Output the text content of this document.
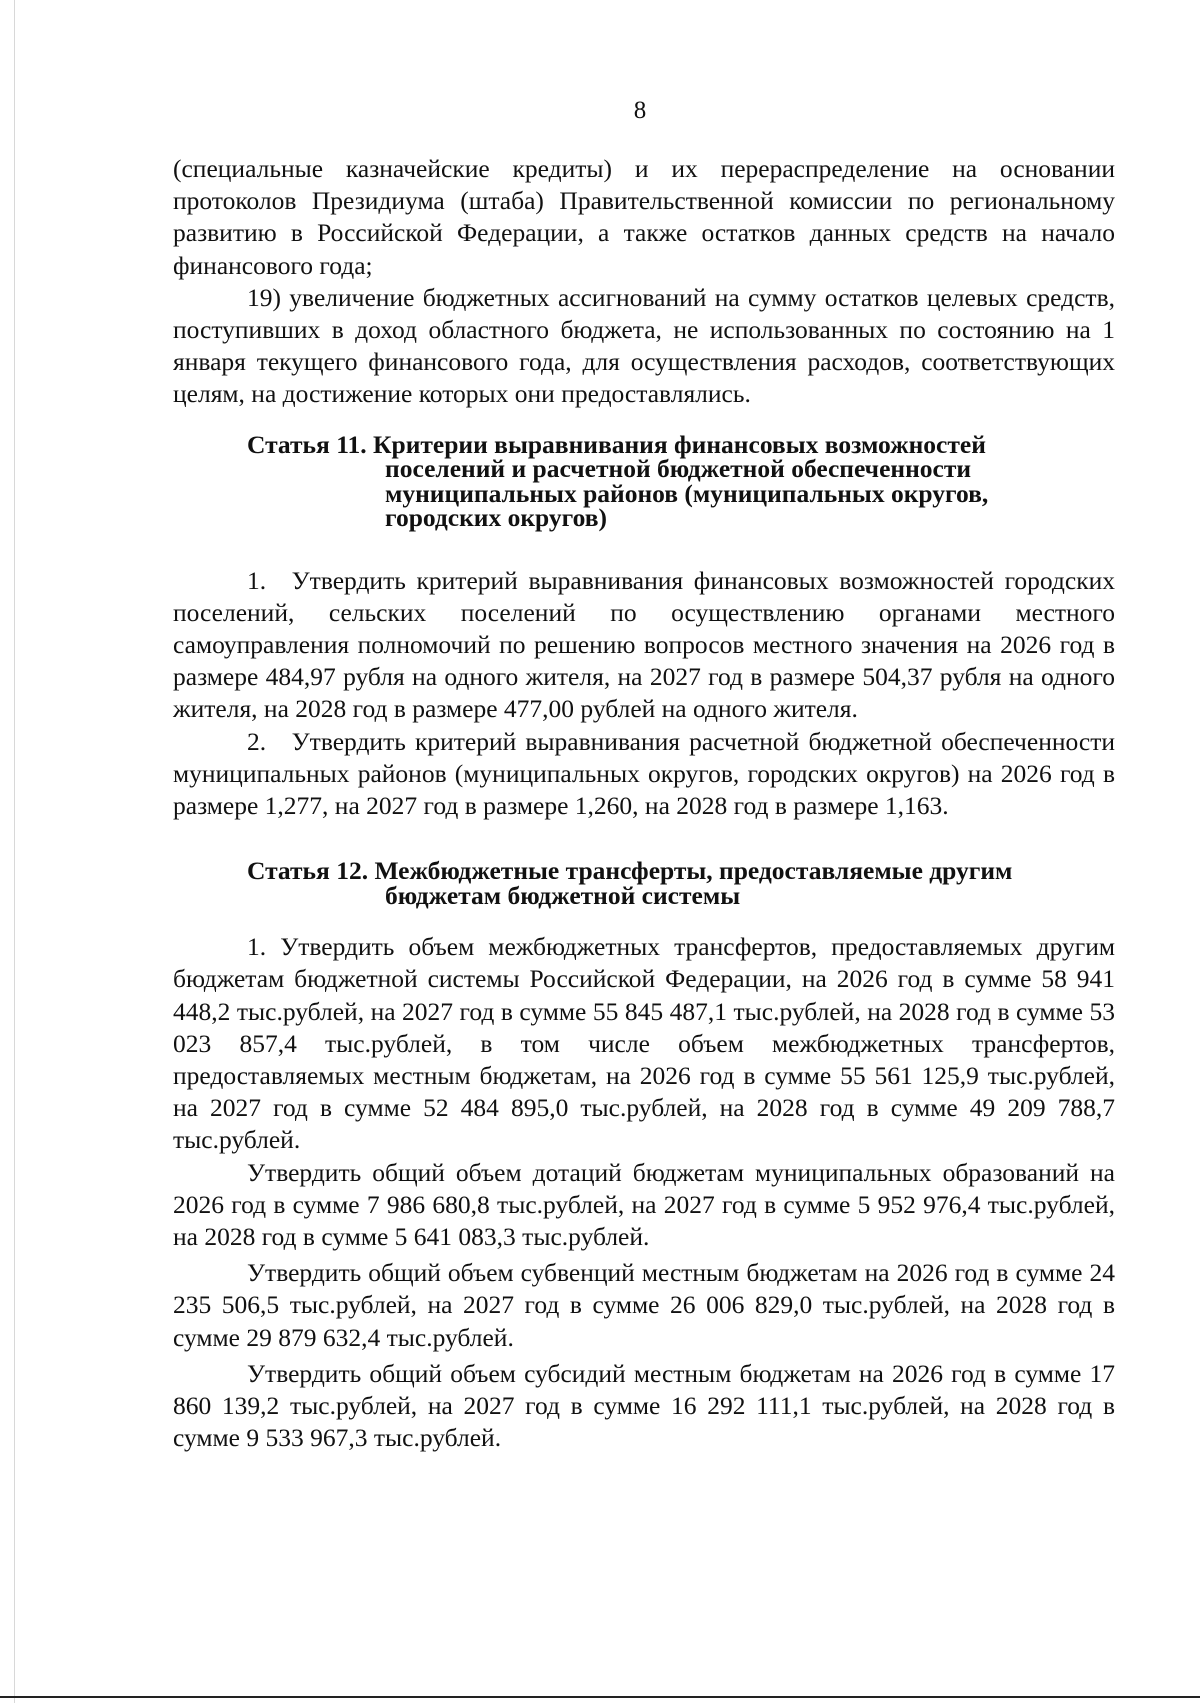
8

(специальные казначейские кредиты) и их перераспределение на основании протоколов Президиума (штаба) Правительственной комиссии по региональному развитию в Российской Федерации, а также остатков данных средств на начало финансового года;

19) увеличение бюджетных ассигнований на сумму остатков целевых средств, поступивших в доход областного бюджета, не использованных по состоянию на 1 января текущего финансового года, для осуществления расходов, соответствующих целям, на достижение которых они предоставлялись.

Статья 11. Критерии выравнивания финансовых возможностей
поселений и расчетной бюджетной обеспеченности
муниципальных районов (муниципальных округов,
городских округов)

1. Утвердить критерий выравнивания финансовых возможностей городских поселений, сельских поселений по осуществлению органами местного самоуправления полномочий по решению вопросов местного значения на 2026 год в размере 484,97 рубля на одного жителя, на 2027 год в размере 504,37 рубля на одного жителя, на 2028 год в размере 477,00 рублей на одного жителя.

2. Утвердить критерий выравнивания расчетной бюджетной обеспеченности муниципальных районов (муниципальных округов, городских округов) на 2026 год в размере 1,277, на 2027 год в размере 1,260, на 2028 год в размере 1,163.

Статья 12. Межбюджетные трансферты, предоставляемые другим
бюджетам бюджетной системы

1. Утвердить объем межбюджетных трансфертов, предоставляемых другим бюджетам бюджетной системы Российской Федерации, на 2026 год в сумме 58 941 448,2 тыс.рублей, на 2027 год в сумме 55 845 487,1 тыс.рублей, на 2028 год в сумме 53 023 857,4 тыс.рублей, в том числе объем межбюджетных трансфертов, предоставляемых местным бюджетам, на 2026 год в сумме 55 561 125,9 тыс.рублей, на 2027 год в сумме 52 484 895,0 тыс.рублей, на 2028 год в сумме 49 209 788,7 тыс.рублей.

Утвердить общий объем дотаций бюджетам муниципальных образований на 2026 год в сумме 7 986 680,8 тыс.рублей, на 2027 год в сумме 5 952 976,4 тыс.рублей, на 2028 год в сумме 5 641 083,3 тыс.рублей.

Утвердить общий объем субвенций местным бюджетам на 2026 год в сумме 24 235 506,5 тыс.рублей, на 2027 год в сумме 26 006 829,0 тыс.рублей, на 2028 год в сумме 29 879 632,4 тыс.рублей.

Утвердить общий объем субсидий местным бюджетам на 2026 год в сумме 17 860 139,2 тыс.рублей, на 2027 год в сумме 16 292 111,1 тыс.рублей, на 2028 год в сумме 9 533 967,3 тыс.рублей.
